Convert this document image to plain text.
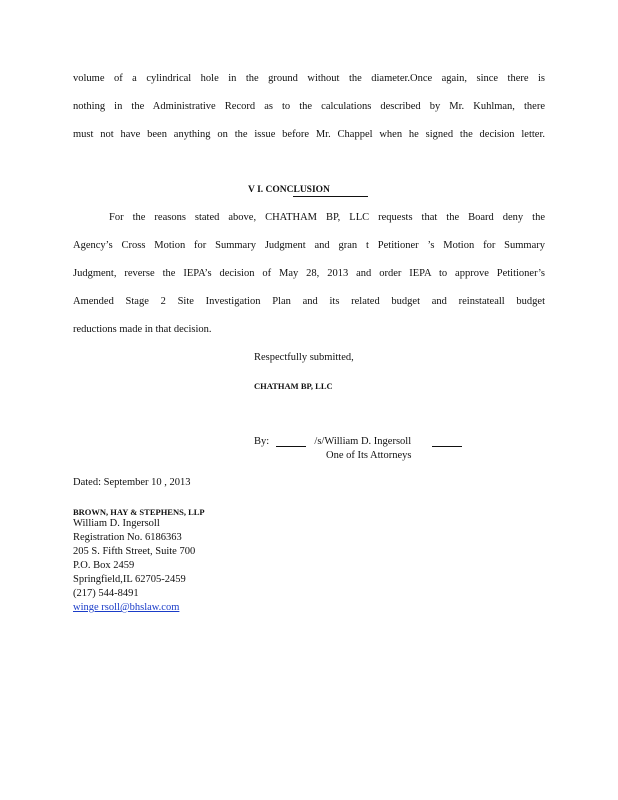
volume of a cylindrical hole in the ground without the diameter.Once again, since there is
nothing in the Administrative Record as to the calculations described by Mr. Kuhlman, there
must not have been anything on the issue before Mr. Chappel when he signed the decision letter.
V I. CONCLUSION
For the reasons stated above, CHATHAM BP, LLC requests that the Board deny the
Agency’s Cross Motion for Summary Judgment and gran t Petitioner ’s Motion for Summary
Judgment, reverse the IEPA’s decision of May 28, 2013 and order IEPA to approve Petitioner’s
Amended Stage 2 Site Investigation Plan and its related budget and reinstateall budget
reductions made in that decision.
Respectfully submitted,
CHATHAM BP, LLC
By:	/s/William D. Ingersoll
One of Its Attorneys
Dated: September 10 , 2013
BROWN, HAY & STEPHENS, LLP
William D. Ingersoll
Registration No. 6186363
205 S. Fifth Street, Suite 700
P.O. Box 2459
Springfield,IL 62705-2459
(217) 544-8491
winge rsoll@bhslaw.com
